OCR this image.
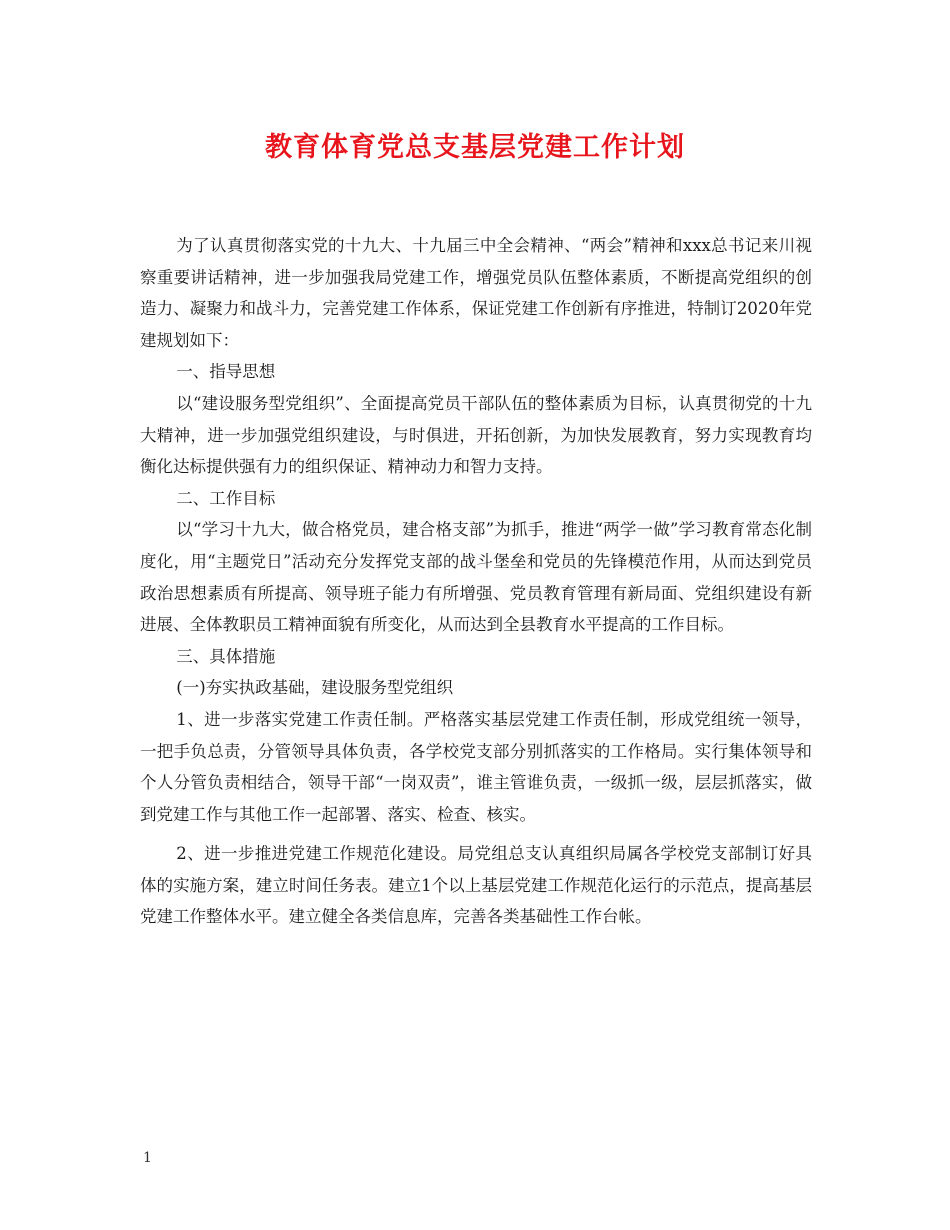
教育体育党总支基层党建工作计划

为了认真贯彻落实党的十九大、十九届三中全会精神、“两会”精神和xxx总书记来川视察重要讲话精神，进一步加强我局党建工作，增强党员队伍整体素质，不断提高党组织的创造力、凝聚力和战斗力，完善党建工作体系，保证党建工作创新有序推进，特制订2020年党建规划如下：

一、指导思想

以“建设服务型党组织”、全面提高党员干部队伍的整体素质为目标，认真贯彻党的十九大精神，进一步加强党组织建设，与时俱进，开拓创新，为加快发展教育，努力实现教育均衡化达标提供强有力的组织保证、精神动力和智力支持。

二、工作目标

以“学习十九大，做合格党员，建合格支部”为抓手，推进“两学一做”学习教育常态化制度化，用“主题党日”活动充分发挥党支部的战斗堡垒和党员的先锋模范作用，从而达到党员政治思想素质有所提高、领导班子能力有所增强、党员教育管理有新局面、党组织建设有新进展、全体教职员工精神面貌有所变化，从而达到全县教育水平提高的工作目标。

三、具体措施

(一)夯实执政基础，建设服务型党组织

1、进一步落实党建工作责任制。严格落实基层党建工作责任制，形成党组统一领导，一把手负总责，分管领导具体负责，各学校党支部分别抓落实的工作格局。实行集体领导和个人分管负责相结合，领导干部“一岗双责”，谁主管谁负责，一级抓一级，层层抓落实，做到党建工作与其他工作一起部署、落实、检查、核实。

2、进一步推进党建工作规范化建设。局党组总支认真组织局属各学校党支部制订好具体的实施方案，建立时间任务表。建立1个以上基层党建工作规范化运行的示范点，提高基层党建工作整体水平。建立健全各类信息库，完善各类基础性工作台帐。

1
